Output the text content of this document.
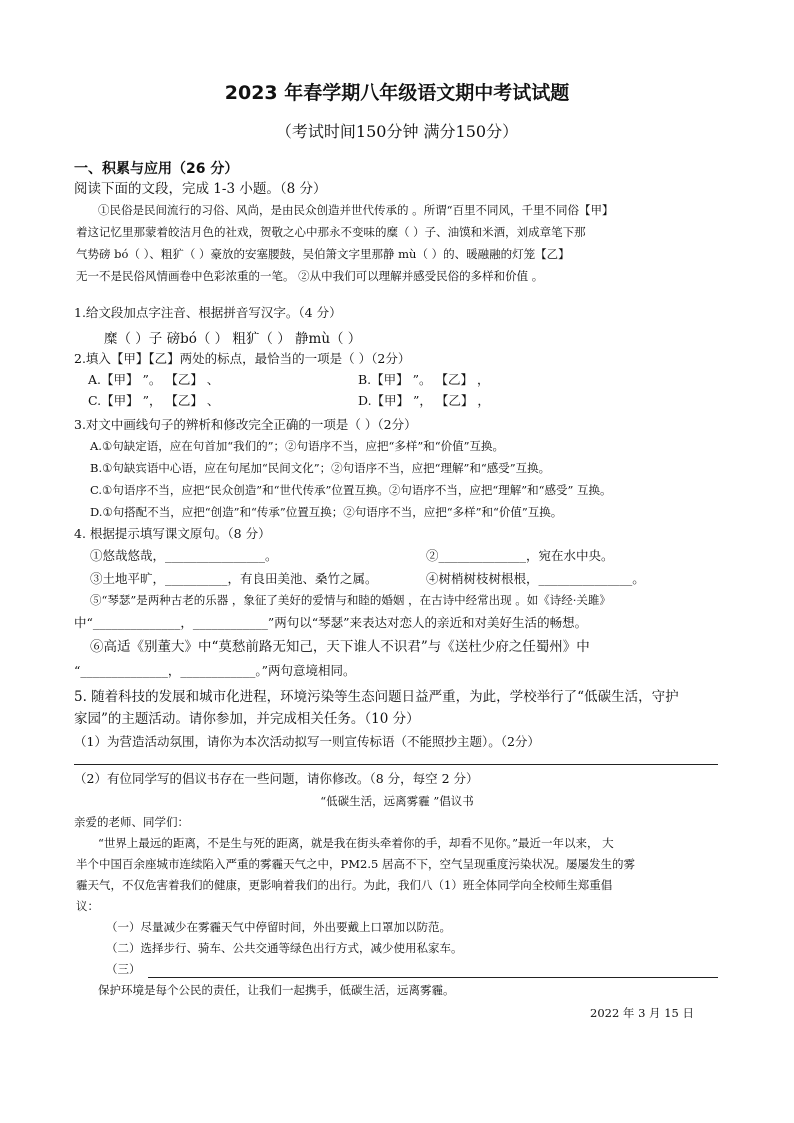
2023 年春学期八年级语文期中考试试题
（考试时间150分钟 满分150分）
一、积累与应用（26 分）
阅读下面的文段，完成 1-3 小题。（8 分）
①民俗是民间流行的习俗、风尚，是由民众创造并世代传承的 。所谓“百里不同风，千里不同俗【甲】
着这记忆里那蒙着皎洁月色的社戏，贺敬之心中那永不变味的糜（ ）子、油馍和米酒，刘成章笔下那
气势磅 bó（ ）、粗犷（ ）豪放的安塞腰鼓，吴伯箫文字里那静 mù（ ）的、暖融融的灯笼【乙】
无一不是民俗风情画卷中色彩浓重的一笔。 ②从中我们可以理解并感受民俗的多样和价值 。
1.给文段加点字注音、根据拼音写汉字。（4 分）
糜（ ）子 磅bó（ ） 粗犷（ ） 静mù（ ）
2.填入【甲】【乙】两处的标点，最恰当的一项是（ ）（2分）
A.【甲】 ”。 【乙】 、	B.【甲】 ”。 【乙】 ，
C.【甲】 ”， 【乙】 、	D.【甲】 ”， 【乙】 ，
3.对文中画线句子的辨析和修改完全正确的一项是（ ）（2分）
A.①句缺定语，应在句首加“我们的”；②句语序不当，应把“多样”和“价值”互换。
B.①句缺宾语中心语，应在句尾加“民间文化”；②句语序不当，应把“理解”和“感受”互换。
C.①句语序不当，应把“民众创造”和“世代传承”位置互换。②句语序不当，应把“理解”和“感受” 互换。
D.①句搭配不当，应把“创造”和“传承”位置互换；②句语序不当，应把“多样”和“价值”互换。
4. 根据提示填写课文原句。（8 分）
①悠哉悠哉，________________。	②______________，宛在水中央。
③土地平旷，__________，有良田美池、桑竹之属。	④树梢树枝树根根，_______________。
⑤“琴瑟”是两种古老的乐器 ，象征了美好的爱情与和睦的婚姻 ，在古诗中经常出现 。如《诗经·关雎》
中“______________，____________”两句以“琴瑟”来表达对恋人的亲近和对美好生活的畅想。
⑥高适《别董大》中“莫愁前路无知己，天下谁人不识君”与《送杜少府之任蜀州》中
“______________，____________。”两句意境相同。
5. 随着科技的发展和城市化进程，环境污染等生态问题日益严重，为此，学校举行了“低碳生活，守护
家园”的主题活动。请你参加，并完成相关任务。（10 分）
（1）为营造活动氛围，请你为本次活动拟写一则宣传标语（不能照抄主题）。（2分）
（2）有位同学写的倡议书存在一些问题，请你修改。（8 分，每空 2 分）
“低碳生活，远离雾霾 ”倡议书
亲爱的老师、同学们：
“世界上最远的距离，不是生与死的距离，就是我在街头牵着你的手，却看不见你。”最近一年以来， 大
半个中国百余座城市连续陷入严重的雾霾天气之中，PM2.5 居高不下，空气呈现重度污染状况。屡屡发生的雾
霾天气，不仅危害着我们的健康，更影响着我们的出行。为此，我们八（1）班全体同学向全校师生郑重倡
议：
（一）尽量减少在雾霾天气中停留时间，外出要戴上口罩加以防范。
（二）选择步行、骑车、公共交通等绿色出行方式，减少使用私家车。
（三）
保护环境是每个公民的责任，让我们一起携手，低碳生活，远离雾霾。
2022 年 3 月 15 日
